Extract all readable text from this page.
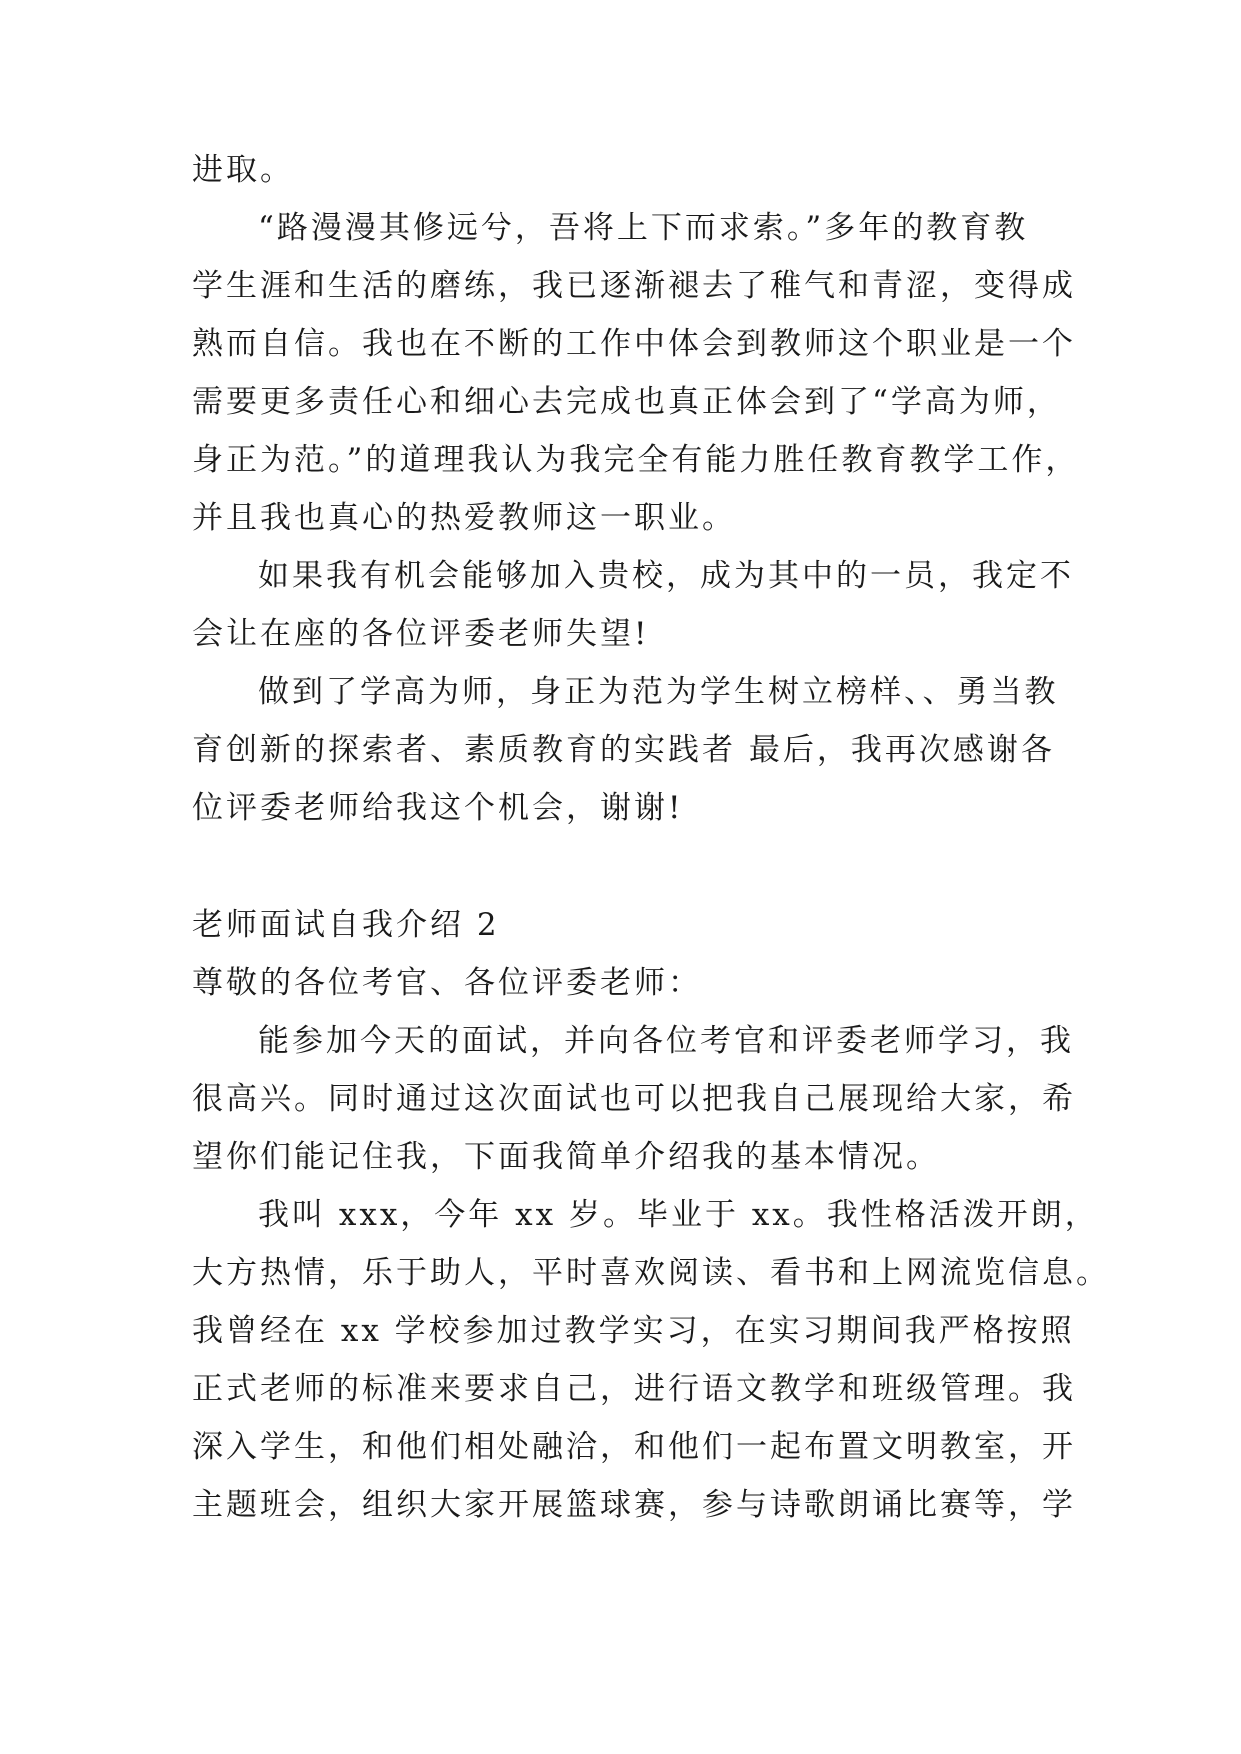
进取。
“路漫漫其修远兮，吾将上下而求索。”多年的教育教
学生涯和生活的磨练，我已逐渐褪去了稚气和青涩，变得成
熟而自信。我也在不断的工作中体会到教师这个职业是一个
需要更多责任心和细心去完成也真正体会到了“学高为师，
身正为范。”的道理我认为我完全有能力胜任教育教学工作，
并且我也真心的热爱教师这一职业。
如果我有机会能够加入贵校，成为其中的一员，我定不
会让在座的各位评委老师失望!
做到了学高为师，身正为范为学生树立榜样、、勇当教
育创新的探索者、素质教育的实践者 最后，我再次感谢各
位评委老师给我这个机会，谢谢!
老师面试自我介绍 2
尊敬的各位考官、各位评委老师：
能参加今天的面试，并向各位考官和评委老师学习，我
很高兴。同时通过这次面试也可以把我自己展现给大家，希
望你们能记住我，下面我简单介绍我的基本情况。
我叫 xxx，今年 xx 岁。毕业于 xx。我性格活泼开朗，
大方热情，乐于助人，平时喜欢阅读、看书和上网流览信息。
我曾经在 xx 学校参加过教学实习，在实习期间我严格按照
正式老师的标准来要求自己，进行语文教学和班级管理。我
深入学生，和他们相处融洽，和他们一起布置文明教室，开
主题班会，组织大家开展篮球赛，参与诗歌朗诵比赛等，学
